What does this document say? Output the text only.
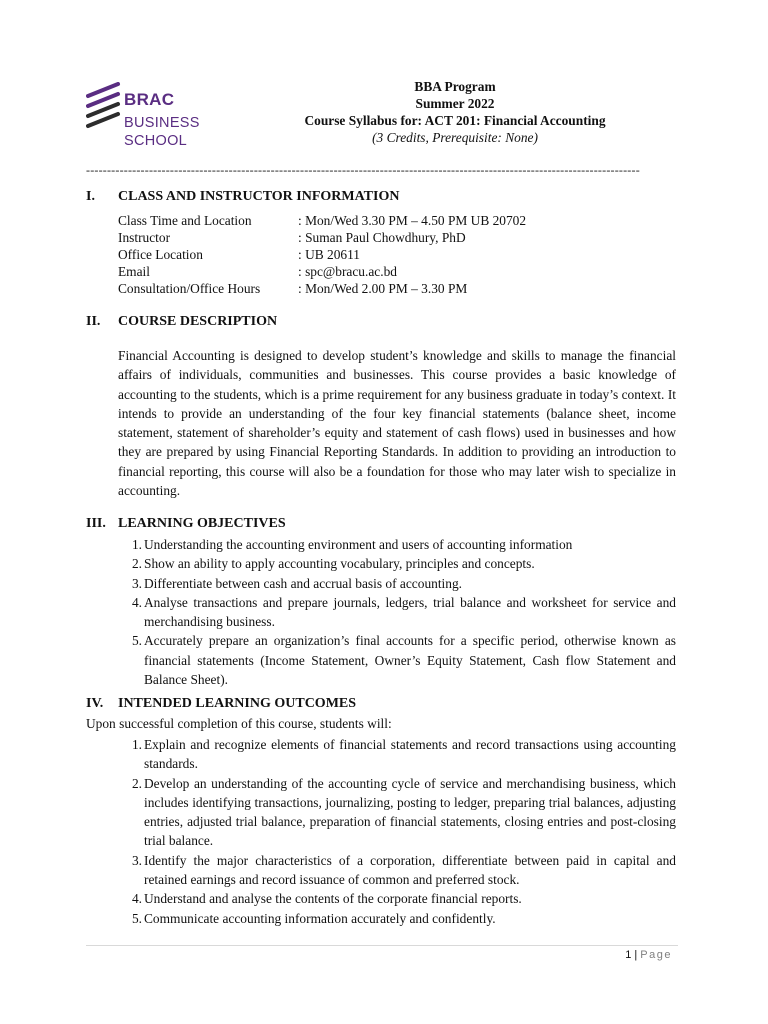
BRAC
BUSINESS
SCHOOL
BBA Program
Summer 2022
Course Syllabus for: ACT 201: Financial Accounting
(3 Credits, Prerequisite: None)
------------------------------------------------------------------------------------------------------------------------------------
I. CLASS AND INSTRUCTOR INFORMATION
Class Time and Location	: Mon/Wed 3.30 PM – 4.50 PM UB 20702
Instructor	: Suman Paul Chowdhury, PhD
Office Location	: UB 20611
Email	: spc@bracu.ac.bd
Consultation/Office Hours	: Mon/Wed 2.00 PM – 3.30 PM
II. COURSE DESCRIPTION
Financial Accounting is designed to develop student’s knowledge and skills to manage the financial affairs of individuals, communities and businesses. This course provides a basic knowledge of accounting to the students, which is a prime requirement for any business graduate in today’s context. It intends to provide an understanding of the four key financial statements (balance sheet, income statement, statement of shareholder’s equity and statement of cash flows) used in businesses and how they are prepared by using Financial Reporting Standards. In addition to providing an introduction to financial reporting, this course will also be a foundation for those who may later wish to specialize in accounting.
III. LEARNING OBJECTIVES
1. Understanding the accounting environment and users of accounting information
2. Show an ability to apply accounting vocabulary, principles and concepts.
3. Differentiate between cash and accrual basis of accounting.
4. Analyse transactions and prepare journals, ledgers, trial balance and worksheet for service and merchandising business.
5. Accurately prepare an organization’s final accounts for a specific period, otherwise known as financial statements (Income Statement, Owner’s Equity Statement, Cash flow Statement and Balance Sheet).
IV. INTENDED LEARNING OUTCOMES
Upon successful completion of this course, students will:
1. Explain and recognize elements of financial statements and record transactions using accounting standards.
2. Develop an understanding of the accounting cycle of service and merchandising business, which includes identifying transactions, journalizing, posting to ledger, preparing trial balances, adjusting entries, adjusted trial balance, preparation of financial statements, closing entries and post-closing trial balance.
3. Identify the major characteristics of a corporation, differentiate between paid in capital and retained earnings and record issuance of common and preferred stock.
4. Understand and analyse the contents of the corporate financial reports.
5. Communicate accounting information accurately and confidently.
1 | Page
